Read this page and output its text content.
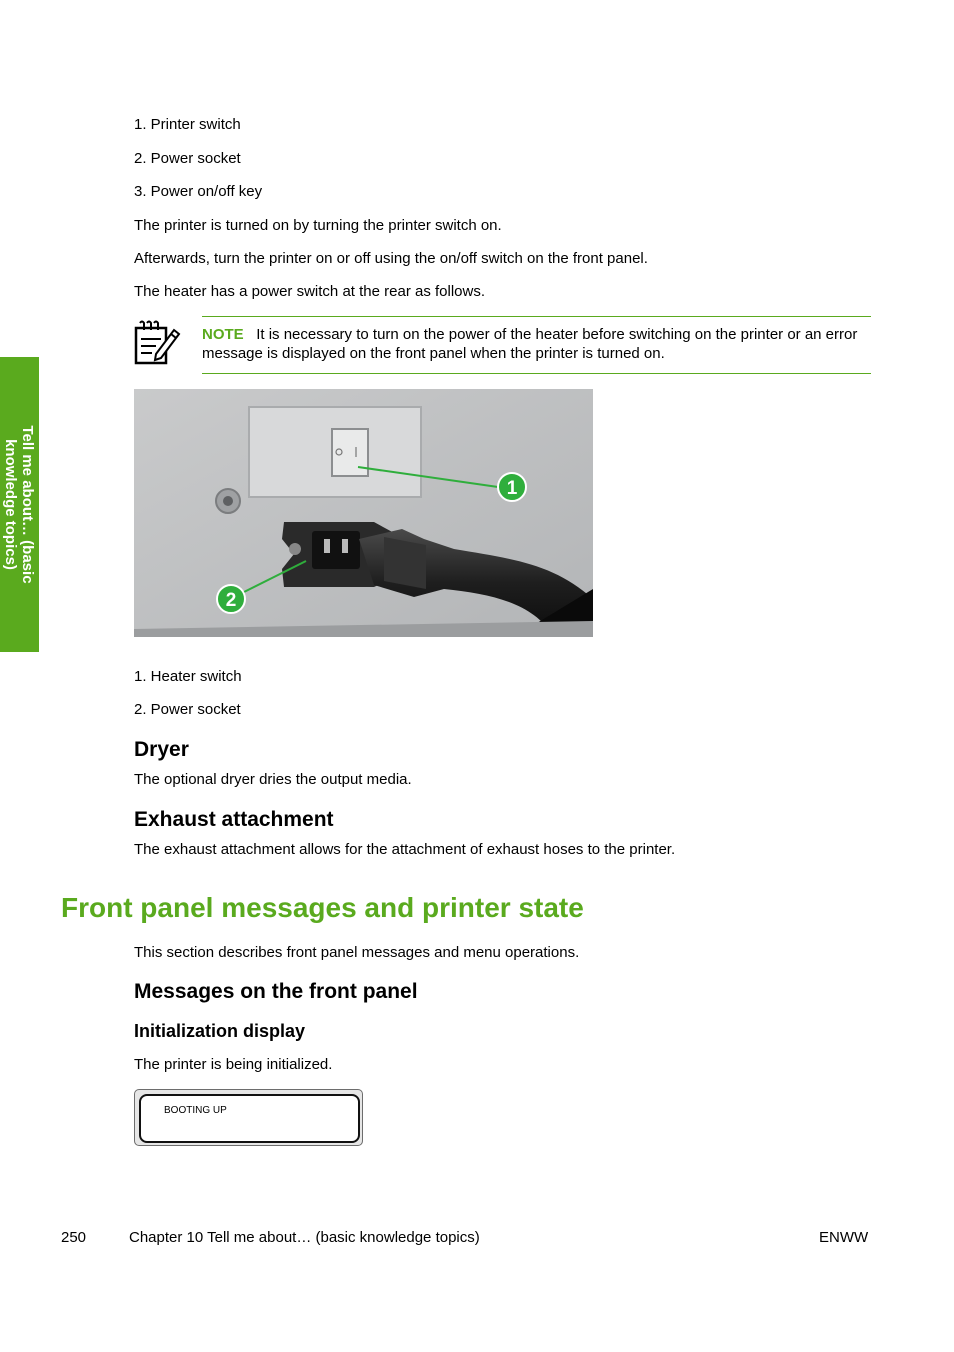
Tell me about… (basic
knowledge topics)
1. Printer switch
2. Power socket
3. Power on/off key
The printer is turned on by turning the printer switch on.
Afterwards, turn the printer on or off using the on/off switch on the front panel.
The heater has a power switch at the rear as follows.
NOTE It is necessary to turn on the power of the heater before switching on the printer or an error message is displayed on the front panel when the printer is turned on.
1
2
1. Heater switch
2. Power socket
Dryer
The optional dryer dries the output media.
Exhaust attachment
The exhaust attachment allows for the attachment of exhaust hoses to the printer.
Front panel messages and printer state
This section describes front panel messages and menu operations.
Messages on the front panel
Initialization display
The printer is being initialized.
BOOTING UP
250	Chapter 10 Tell me about… (basic knowledge topics)	ENWW
